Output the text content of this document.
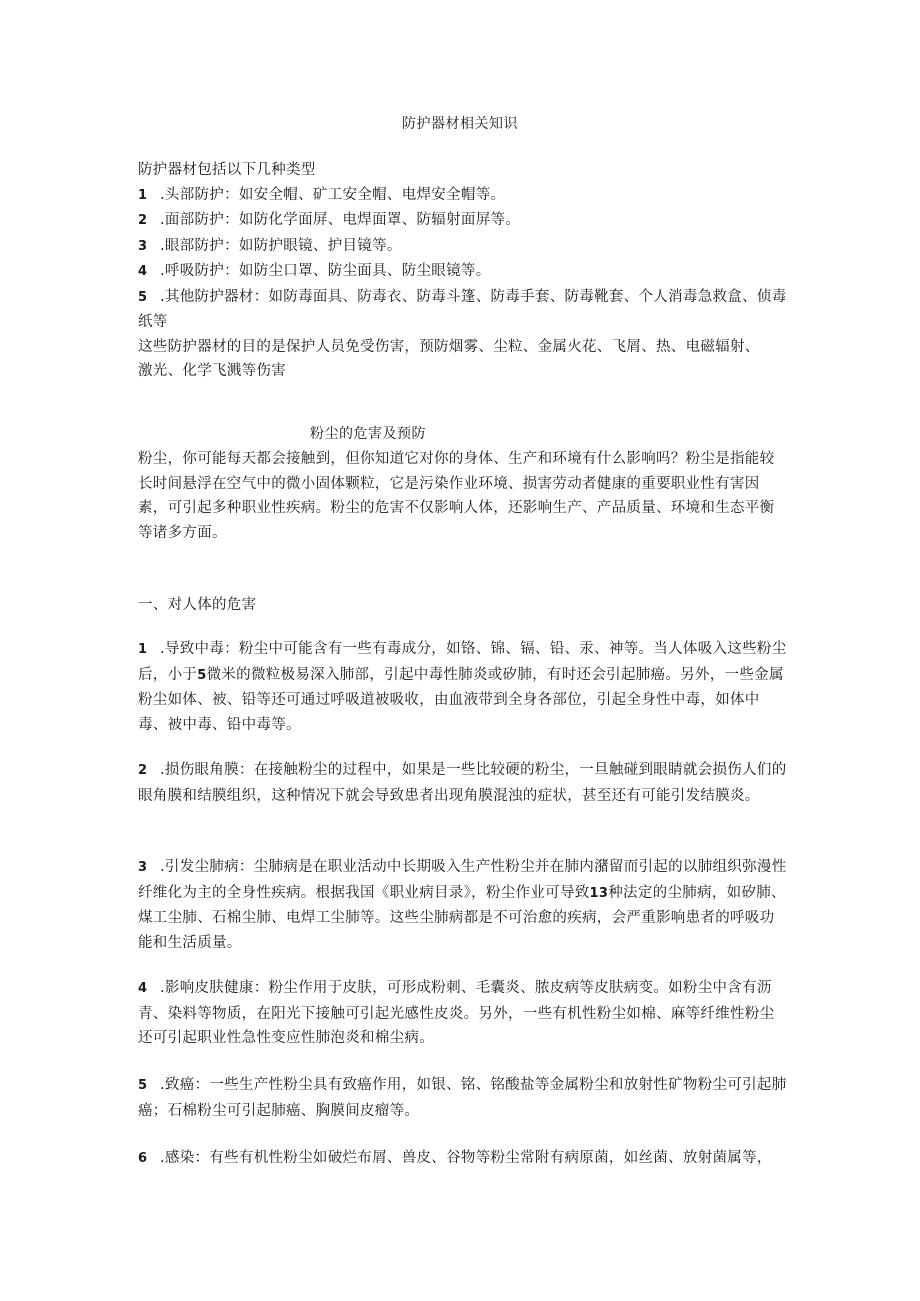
防护器材相关知识

防护器材包括以下几种类型

1 .头部防护：如安全帽、矿工安全帽、电焊安全帽等。

2 .面部防护：如防化学面屏、电焊面罩、防辐射面屏等。

3 .眼部防护：如防护眼镜、护目镜等。

4 .呼吸防护：如防尘口罩、防尘面具、防尘眼镜等。

5 .其他防护器材：如防毒面具、防毒衣、防毒斗篷、防毒手套、防毒靴套、个人消毒急救盒、侦毒纸等

这些防护器材的目的是保护人员免受伤害，预防烟雾、尘粒、金属火花、飞屑、热、电磁辐射、激光、化学飞溅等伤害

粉尘的危害及预防

粉尘，你可能每天都会接触到，但你知道它对你的身体、生产和环境有什么影响吗？粉尘是指能较长时间悬浮在空气中的微小固体颗粒，它是污染作业环境、损害劳动者健康的重要职业性有害因素，可引起多种职业性疾病。粉尘的危害不仅影响人体，还影响生产、产品质量、环境和生态平衡等诸多方面。

一、对人体的危害

1 .导致中毒：粉尘中可能含有一些有毒成分，如铬、锦、镉、铅、汞、神等。当人体吸入这些粉尘后，小于5微米的微粒极易深入肺部，引起中毒性肺炎或矽肺，有时还会引起肺癌。另外，一些金属粉尘如体、被、铅等还可通过呼吸道被吸收，由血液带到全身各部位，引起全身性中毒，如体中毒、被中毒、铅中毒等。

2 .损伤眼角膜：在接触粉尘的过程中，如果是一些比较硬的粉尘，一旦触碰到眼睛就会损伤人们的眼角膜和结膜组织，这种情况下就会导致患者出现角膜混浊的症状，甚至还有可能引发结膜炎。

3 .引发尘肺病：尘肺病是在职业活动中长期吸入生产性粉尘并在肺内潴留而引起的以肺组织弥漫性纤维化为主的全身性疾病。根据我国《职业病目录》，粉尘作业可导致13种法定的尘肺病，如矽肺、煤工尘肺、石棉尘肺、电焊工尘肺等。这些尘肺病都是不可治愈的疾病，会严重影响患者的呼吸功能和生活质量。

4 .影响皮肤健康：粉尘作用于皮肤，可形成粉刺、毛囊炎、脓皮病等皮肤病变。如粉尘中含有沥青、染料等物质，在阳光下接触可引起光感性皮炎。另外，一些有机性粉尘如棉、麻等纤维性粉尘还可引起职业性急性变应性肺泡炎和棉尘病。

5 .致癌：一些生产性粉尘具有致癌作用，如银、铭、铭酸盐等金属粉尘和放射性矿物粉尘可引起肺癌；石棉粉尘可引起肺癌、胸膜间皮瘤等。

6 .感染：有些有机性粉尘如破烂布屑、兽皮、谷物等粉尘常附有病原菌，如丝菌、放射菌属等，
